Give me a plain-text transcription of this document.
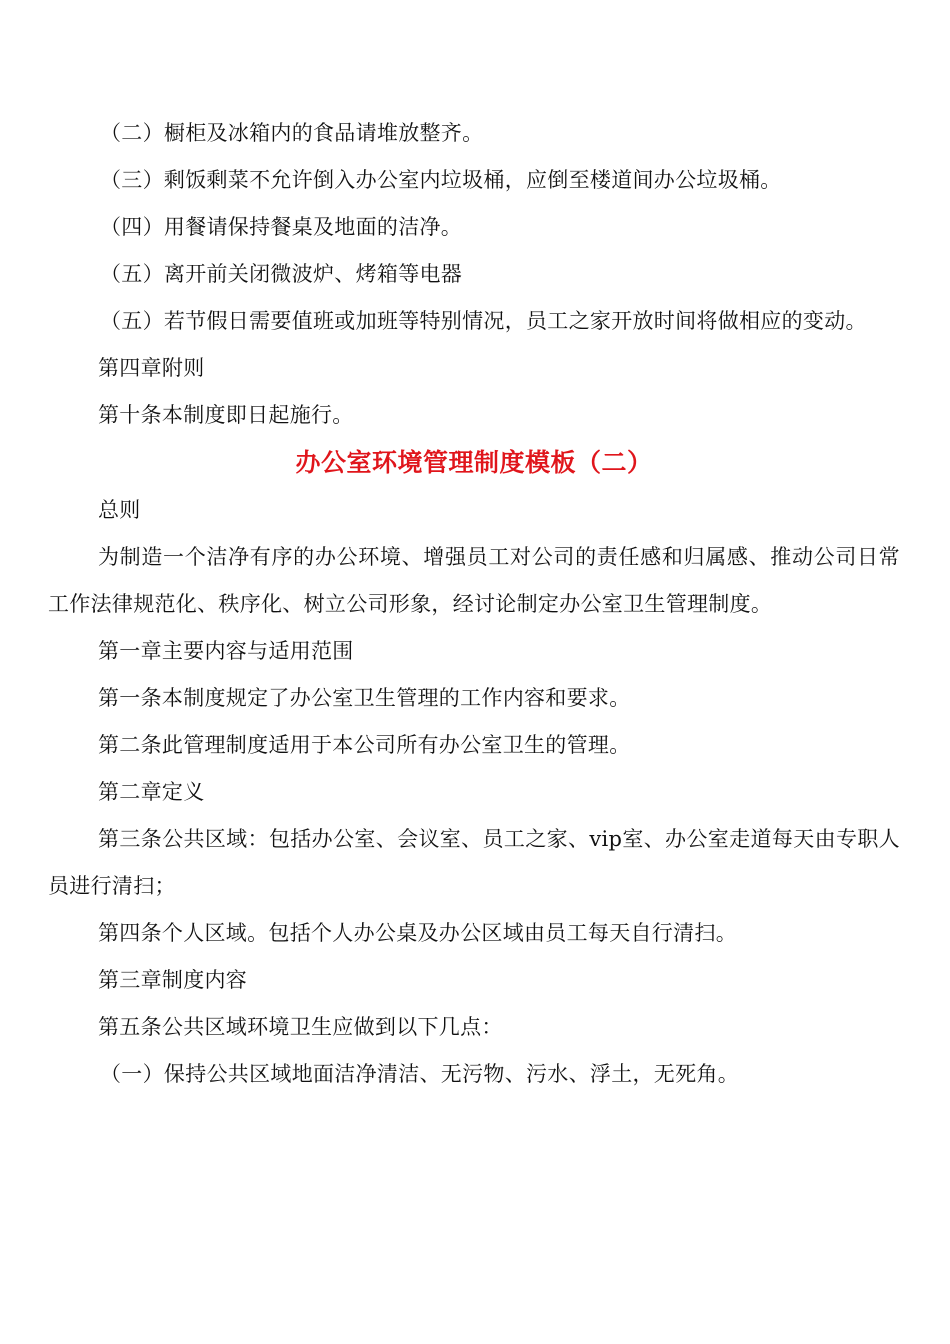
（二）橱柜及冰箱内的食品请堆放整齐。

（三）剩饭剩菜不允许倒入办公室内垃圾桶，应倒至楼道间办公垃圾桶。

（四）用餐请保持餐桌及地面的洁净。

（五）离开前关闭微波炉、烤箱等电器

（五）若节假日需要值班或加班等特别情况，员工之家开放时间将做相应的变动。

第四章附则

第十条本制度即日起施行。

办公室环境管理制度模板（二）

总则

为制造一个洁净有序的办公环境、增强员工对公司的责任感和归属感、推动公司日常工作法律规范化、秩序化、树立公司形象，经讨论制定办公室卫生管理制度。

第一章主要内容与适用范围

第一条本制度规定了办公室卫生管理的工作内容和要求。

第二条此管理制度适用于本公司所有办公室卫生的管理。

第二章定义

第三条公共区域：包括办公室、会议室、员工之家、vip室、办公室走道每天由专职人员进行清扫；

第四条个人区域。包括个人办公桌及办公区域由员工每天自行清扫。

第三章制度内容

第五条公共区域环境卫生应做到以下几点：

（一）保持公共区域地面洁净清洁、无污物、污水、浮土，无死角。
